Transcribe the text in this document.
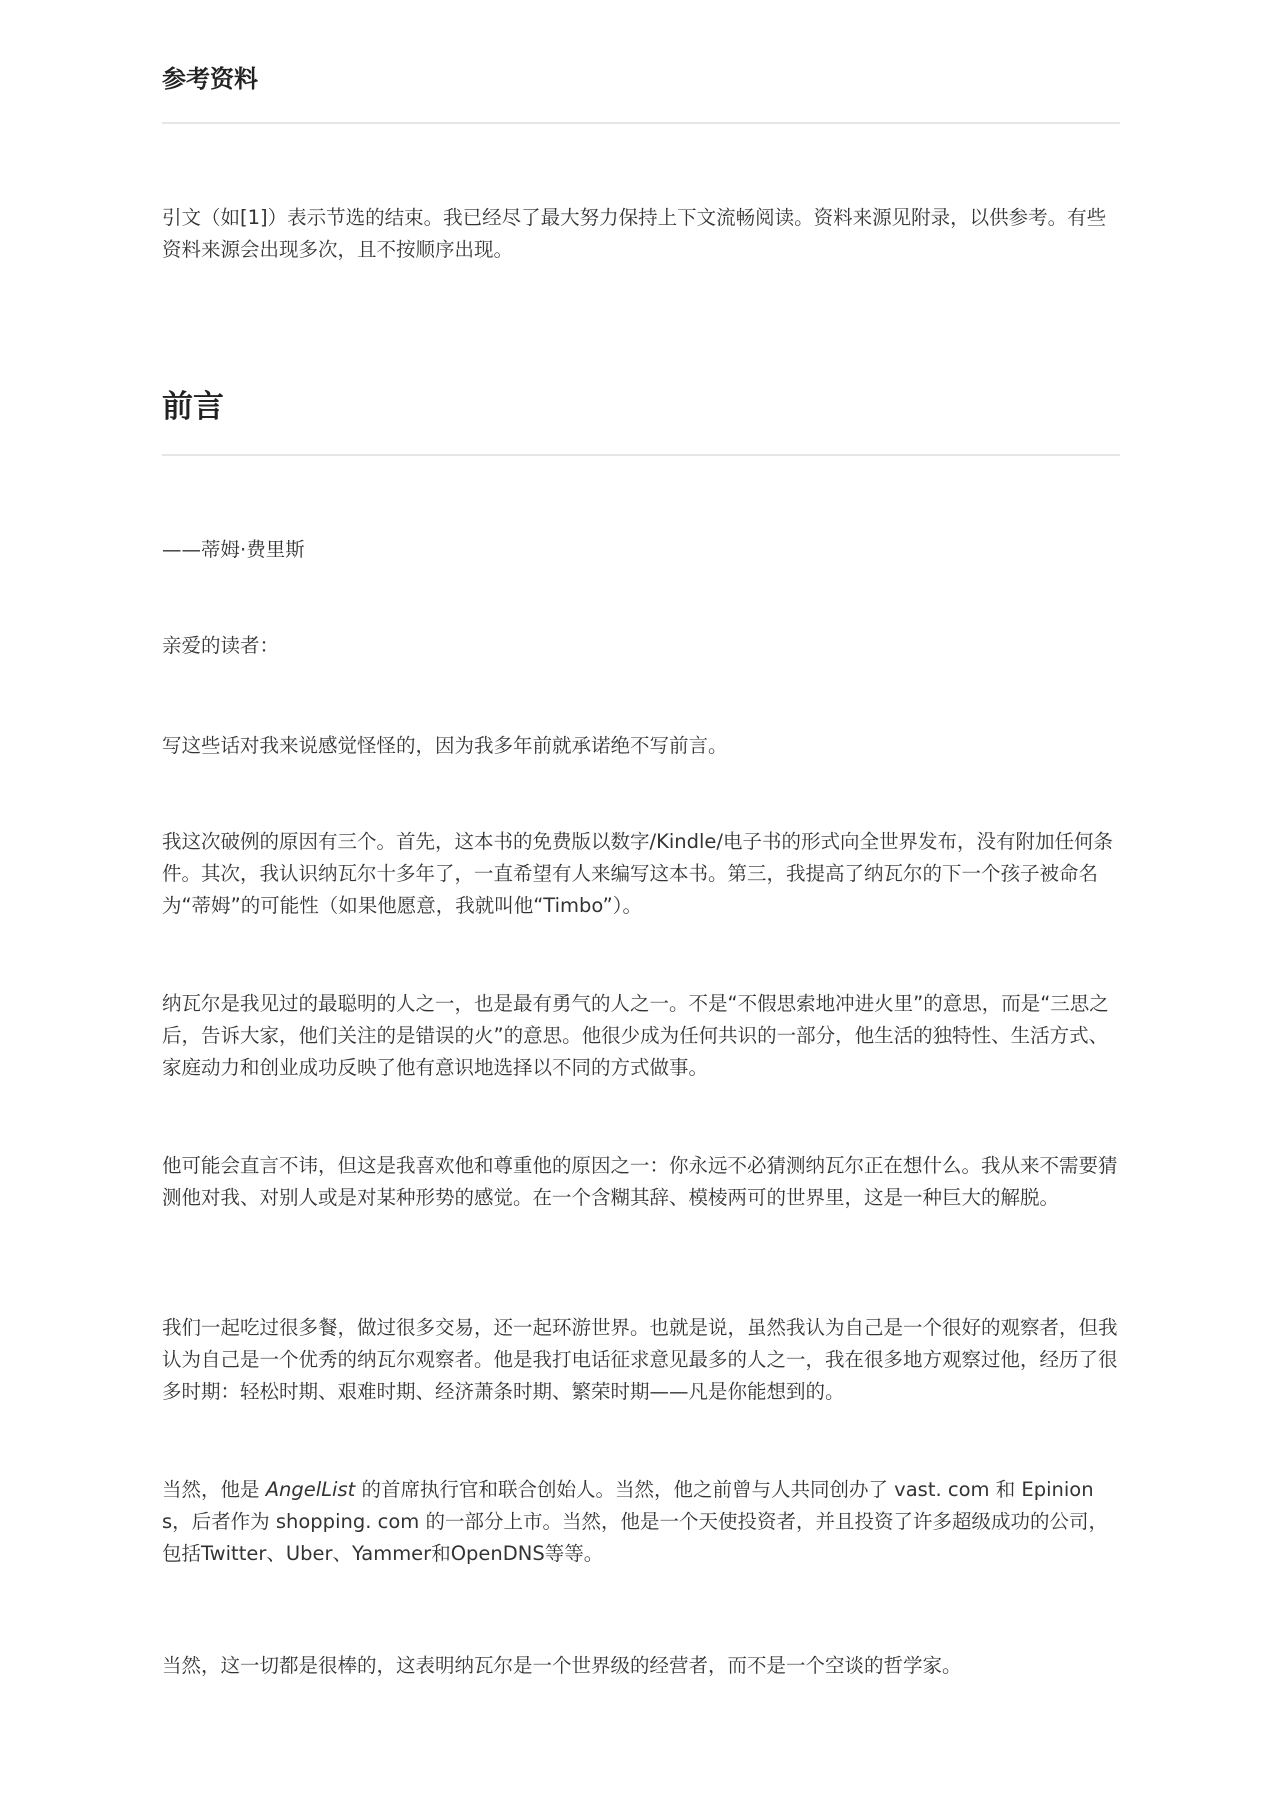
参考资料

引文（如[1]）表示节选的结束。我已经尽了最大努力保持上下文流畅阅读。资料来源见附录，以供参考。有些资料来源会出现多次，且不按顺序出现。

前言

——蒂姆·费里斯

亲爱的读者：

写这些话对我来说感觉怪怪的，因为我多年前就承诺绝不写前言。

我这次破例的原因有三个。首先，这本书的免费版以数字/Kindle/电子书的形式向全世界发布，没有附加任何条件。其次，我认识纳瓦尔十多年了，一直希望有人来编写这本书。第三，我提高了纳瓦尔的下一个孩子被命名为“蒂姆”的可能性（如果他愿意，我就叫他“Timbo”）。

纳瓦尔是我见过的最聪明的人之一，也是最有勇气的人之一。不是“不假思索地冲进火里”的意思，而是“三思之后，告诉大家，他们关注的是错误的火”的意思。他很少成为任何共识的一部分，他生活的独特性、生活方式、家庭动力和创业成功反映了他有意识地选择以不同的方式做事。

他可能会直言不讳，但这是我喜欢他和尊重他的原因之一：你永远不必猜测纳瓦尔正在想什么。我从来不需要猜测他对我、对别人或是对某种形势的感觉。在一个含糊其辞、模棱两可的世界里，这是一种巨大的解脱。

我们一起吃过很多餐，做过很多交易，还一起环游世界。也就是说，虽然我认为自己是一个很好的观察者，但我认为自己是一个优秀的纳瓦尔观察者。他是我打电话征求意见最多的人之一，我在很多地方观察过他，经历了很多时期：轻松时期、艰难时期、经济萧条时期、繁荣时期——凡是你能想到的。

当然，他是 AngelList 的首席执行官和联合创始人。当然，他之前曾与人共同创办了 vast. com 和 Epinions，后者作为 shopping. com 的一部分上市。当然，他是一个天使投资者，并且投资了许多超级成功的公司，包括Twitter、Uber、Yammer和OpenDNS等等。

当然，这一切都是很棒的，这表明纳瓦尔是一个世界级的经营者，而不是一个空谈的哲学家。
